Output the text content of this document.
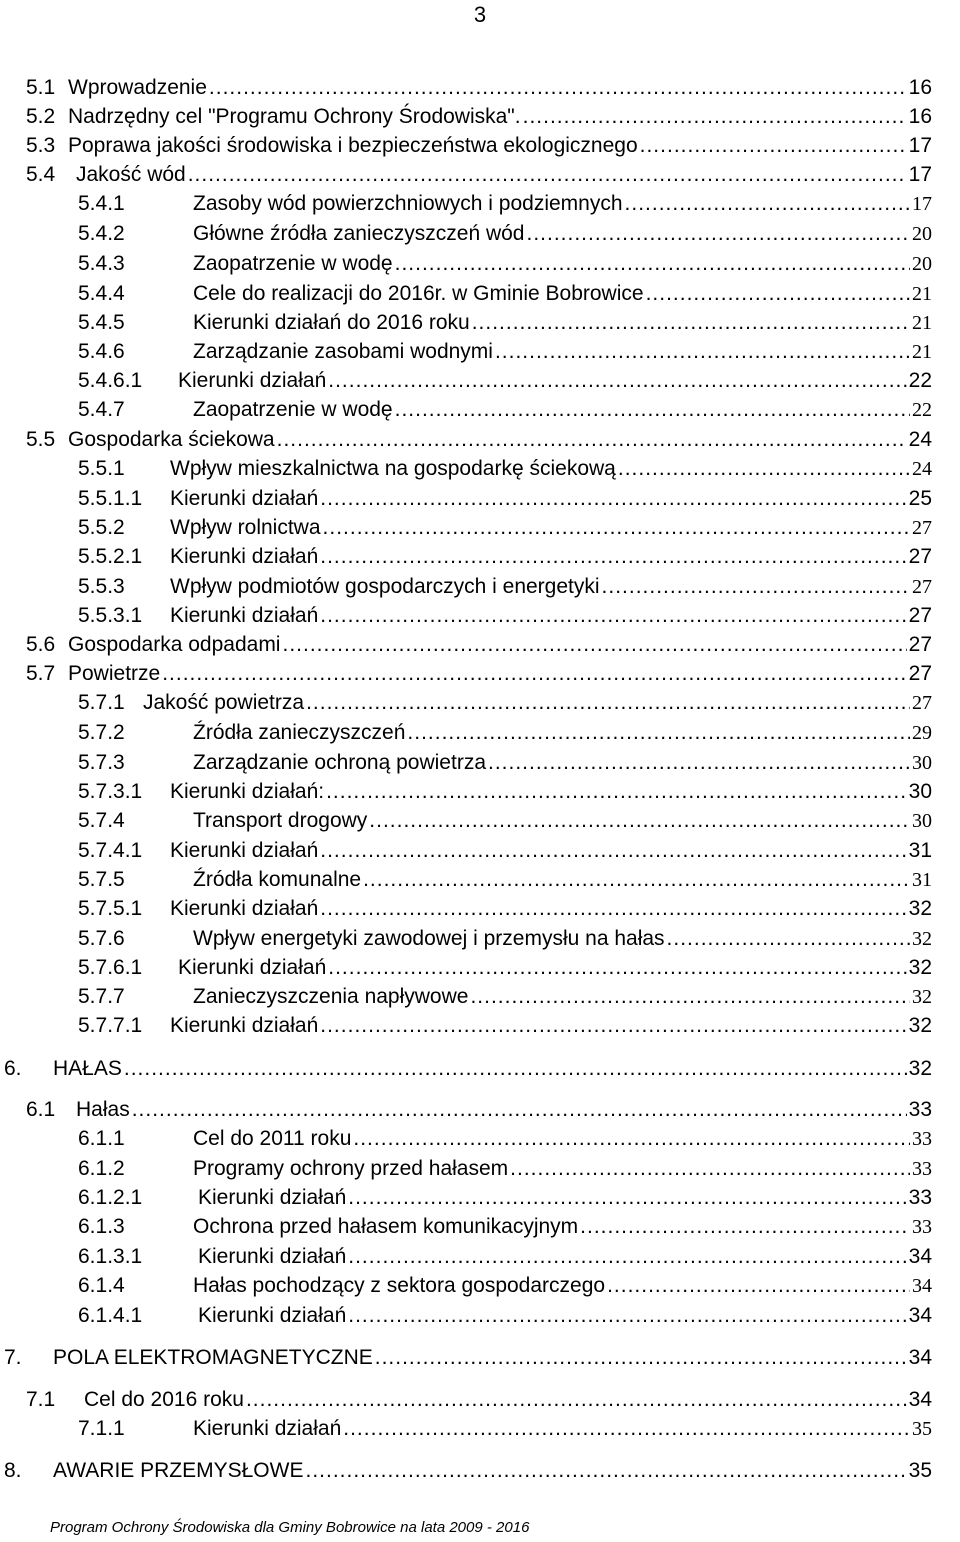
3
5.1 Wprowadzenie .....	16
5.2 Nadrzędny cel "Programu Ochrony Środowiska". .....	16
5.3 Poprawa jakości środowiska i bezpieczeństwa ekologicznego .....	17
5.4 Jakość wód .....	17
5.4.1	Zasoby wód powierzchniowych i podziemnych .....	17
5.4.2	Główne źródła zanieczyszczeń wód .....	20
5.4.3	Zaopatrzenie w wodę .....	20
5.4.4	Cele do realizacji do 2016r. w Gminie Bobrowice .....	21
5.4.5	Kierunki działań do 2016 roku .....	21
5.4.6	Zarządzanie zasobami wodnymi .....	21
5.4.6.1 Kierunki działań .....	22
5.4.7	Zaopatrzenie w wodę .....	22
5.5 Gospodarka ściekowa .....	24
5.5.1 Wpływ mieszkalnictwa na gospodarkę ściekową .....	24
5.5.1.1 Kierunki działań .....	25
5.5.2 Wpływ rolnictwa .....	27
5.5.2.1 Kierunki działań .....	27
5.5.3 Wpływ podmiotów gospodarczych i energetyki .....	27
5.5.3.1 Kierunki działań .....	27
5.6 Gospodarka odpadami .....	27
5.7 Powietrze .....	27
5.7.1 Jakość powietrza .....	27
5.7.2	Źródła zanieczyszczeń .....	29
5.7.3	Zarządzanie ochroną powietrza .....	30
5.7.3.1 Kierunki działań: .....	30
5.7.4	Transport drogowy .....	30
5.7.4.1 Kierunki działań .....	31
5.7.5	Źródła komunalne .....	31
5.7.5.1 Kierunki działań .....	32
5.7.6	Wpływ energetyki zawodowej i przemysłu na hałas .....	32
5.7.6.1 Kierunki działań .....	32
5.7.7	Zanieczyszczenia napływowe .....	32
5.7.7.1 Kierunki działań .....	32
6. HAŁAS .....	32
6.1 Hałas .....	33
6.1.1	Cel do 2011 roku .....	33
6.1.2	Programy ochrony przed hałasem .....	33
6.1.2.1	Kierunki działań .....	33
6.1.3	Ochrona przed hałasem komunikacyjnym .....	33
6.1.3.1	Kierunki działań .....	34
6.1.4	Hałas pochodzący z sektora gospodarczego .....	34
6.1.4.1	Kierunki działań .....	34
7. POLA ELEKTROMAGNETYCZNE .....	34
7.1 Cel do 2016 roku .....	34
7.1.1	Kierunki działań .....	35
8. AWARIE PRZEMYSŁOWE .....	35
Program Ochrony Środowiska dla Gminy Bobrowice na lata 2009 - 2016
